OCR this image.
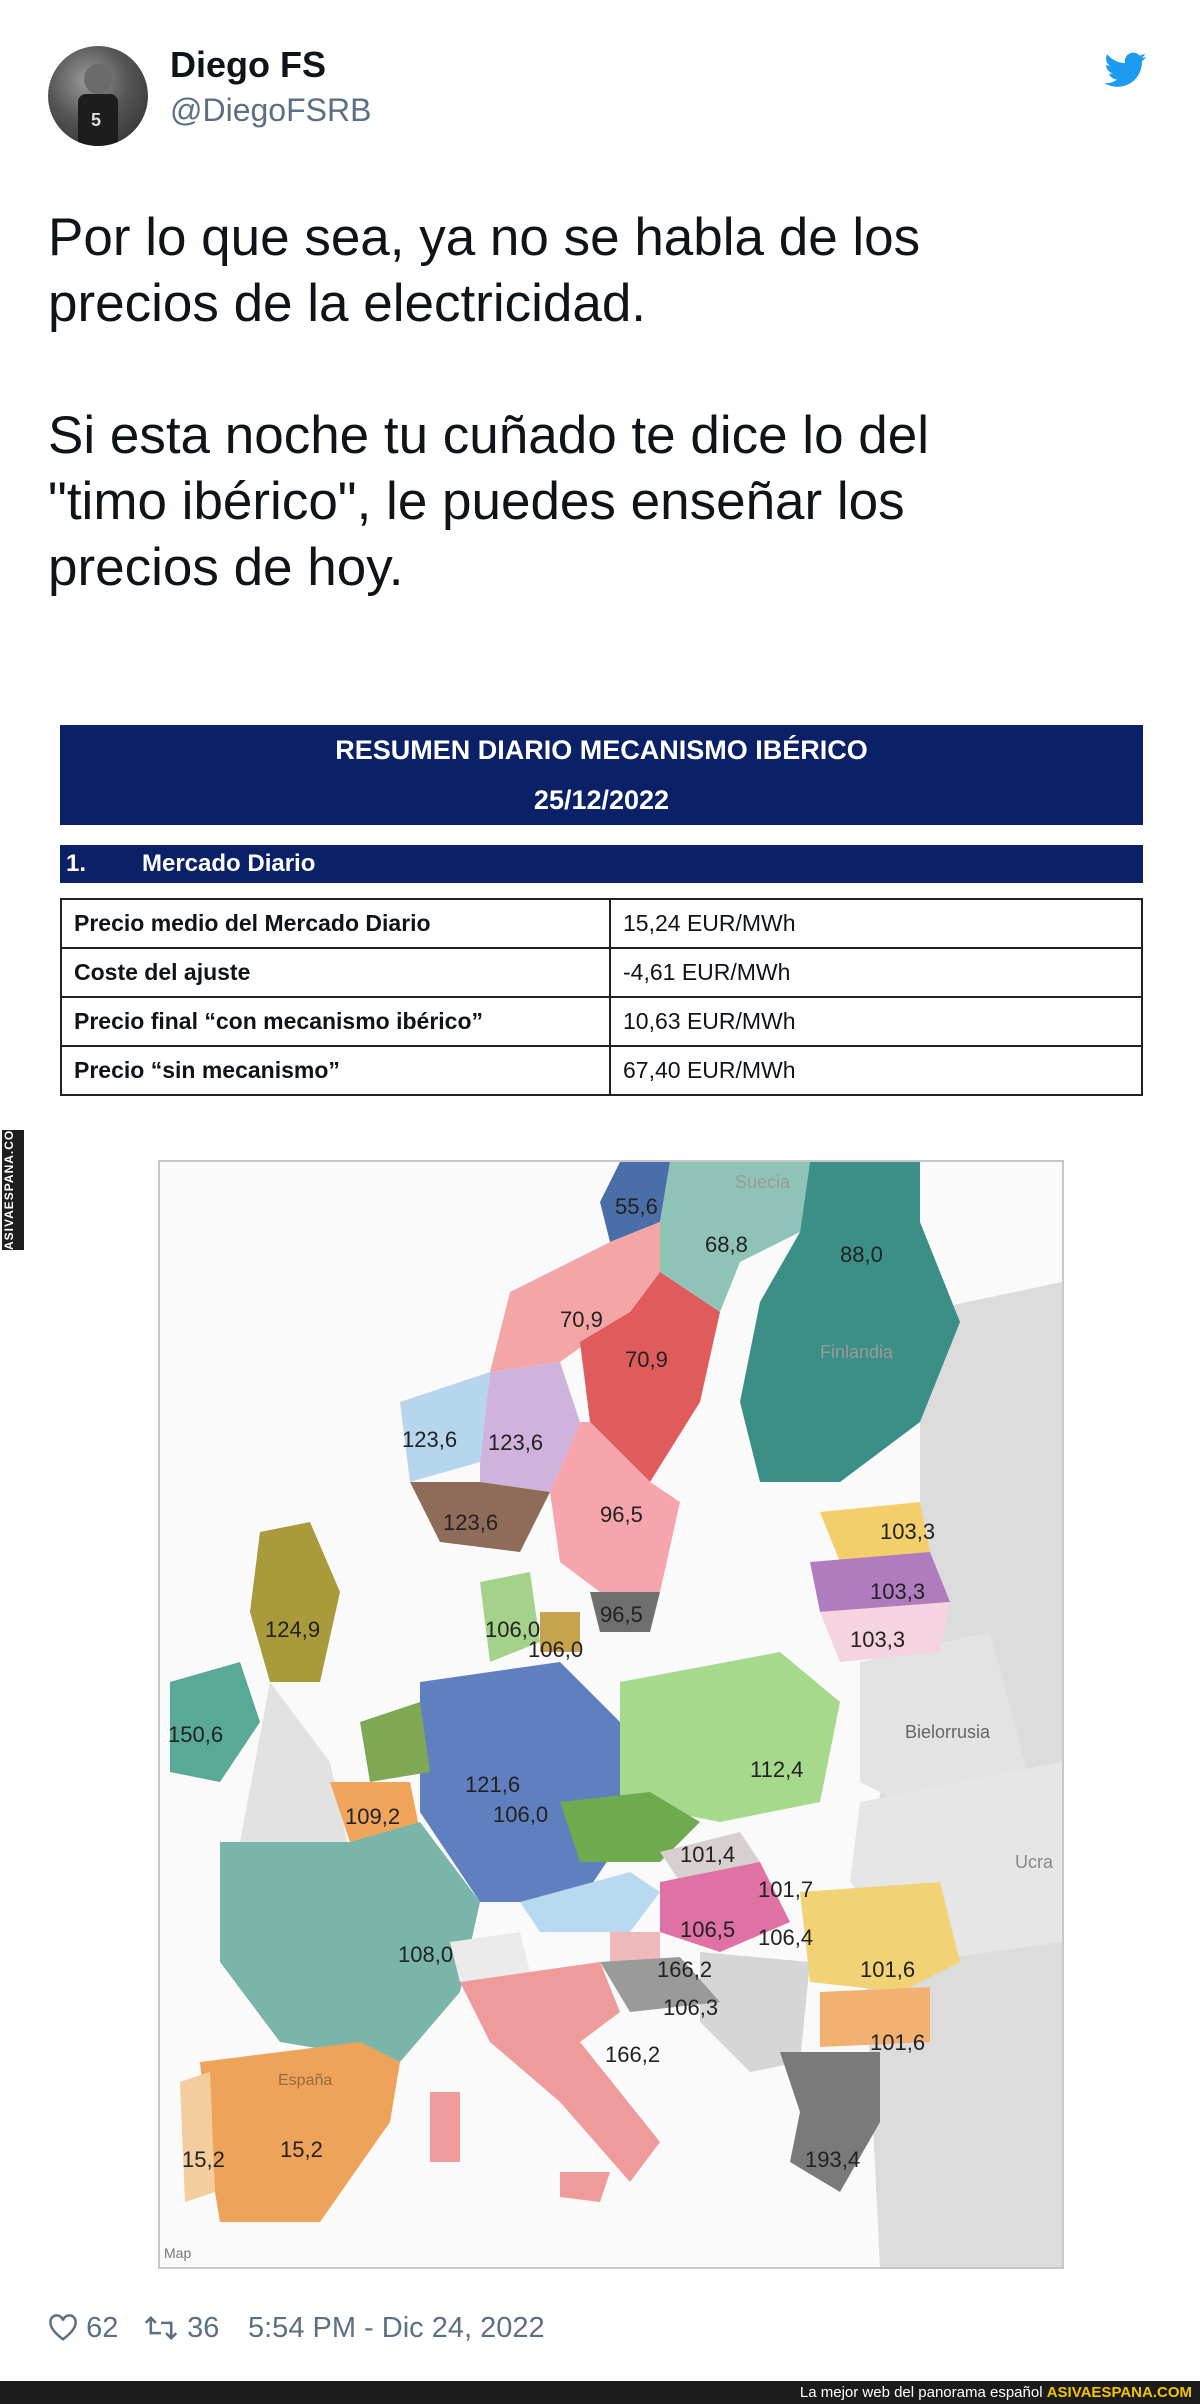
5
Diego FS
@DiegoFSRB
Por lo que sea, ya no se habla de los
precios de la electricidad.

Si esta noche tu cuñado te dice lo del
"timo ibérico", le puedes enseñar los
precios de hoy.
ASIVAESPANA.COM
RESUMEN DIARIO MECANISMO IBÉRICO
25/12/2022
1. Mercado Diario
Precio medio del Mercado Diario	15,24 EUR/MWh
Coste del ajuste	-4,61 EUR/MWh
Precio final “con mecanismo ibérico”	10,63 EUR/MWh
Precio “sin mecanismo”	67,40 EUR/MWh
Suecia
Finlandia
Bielorrusia
Ucra
España
55,6
68,8	88,0
70,9
70,9
123,6 123,6
123,6	96,5
96,5
103,3
103,3
103,3
124,9
150,6
106,0
106,0
121,6
109,2	106,0
112,4
101,4
101,7
106,5 106,4
166,2
106,3
101,6
101,6
108,0
166,2
193,4
15,2
15,2
Map
62	36 5:54 PM - Dic 24, 2022
La mejor web del panorama español ASIVAESPANA.COM
